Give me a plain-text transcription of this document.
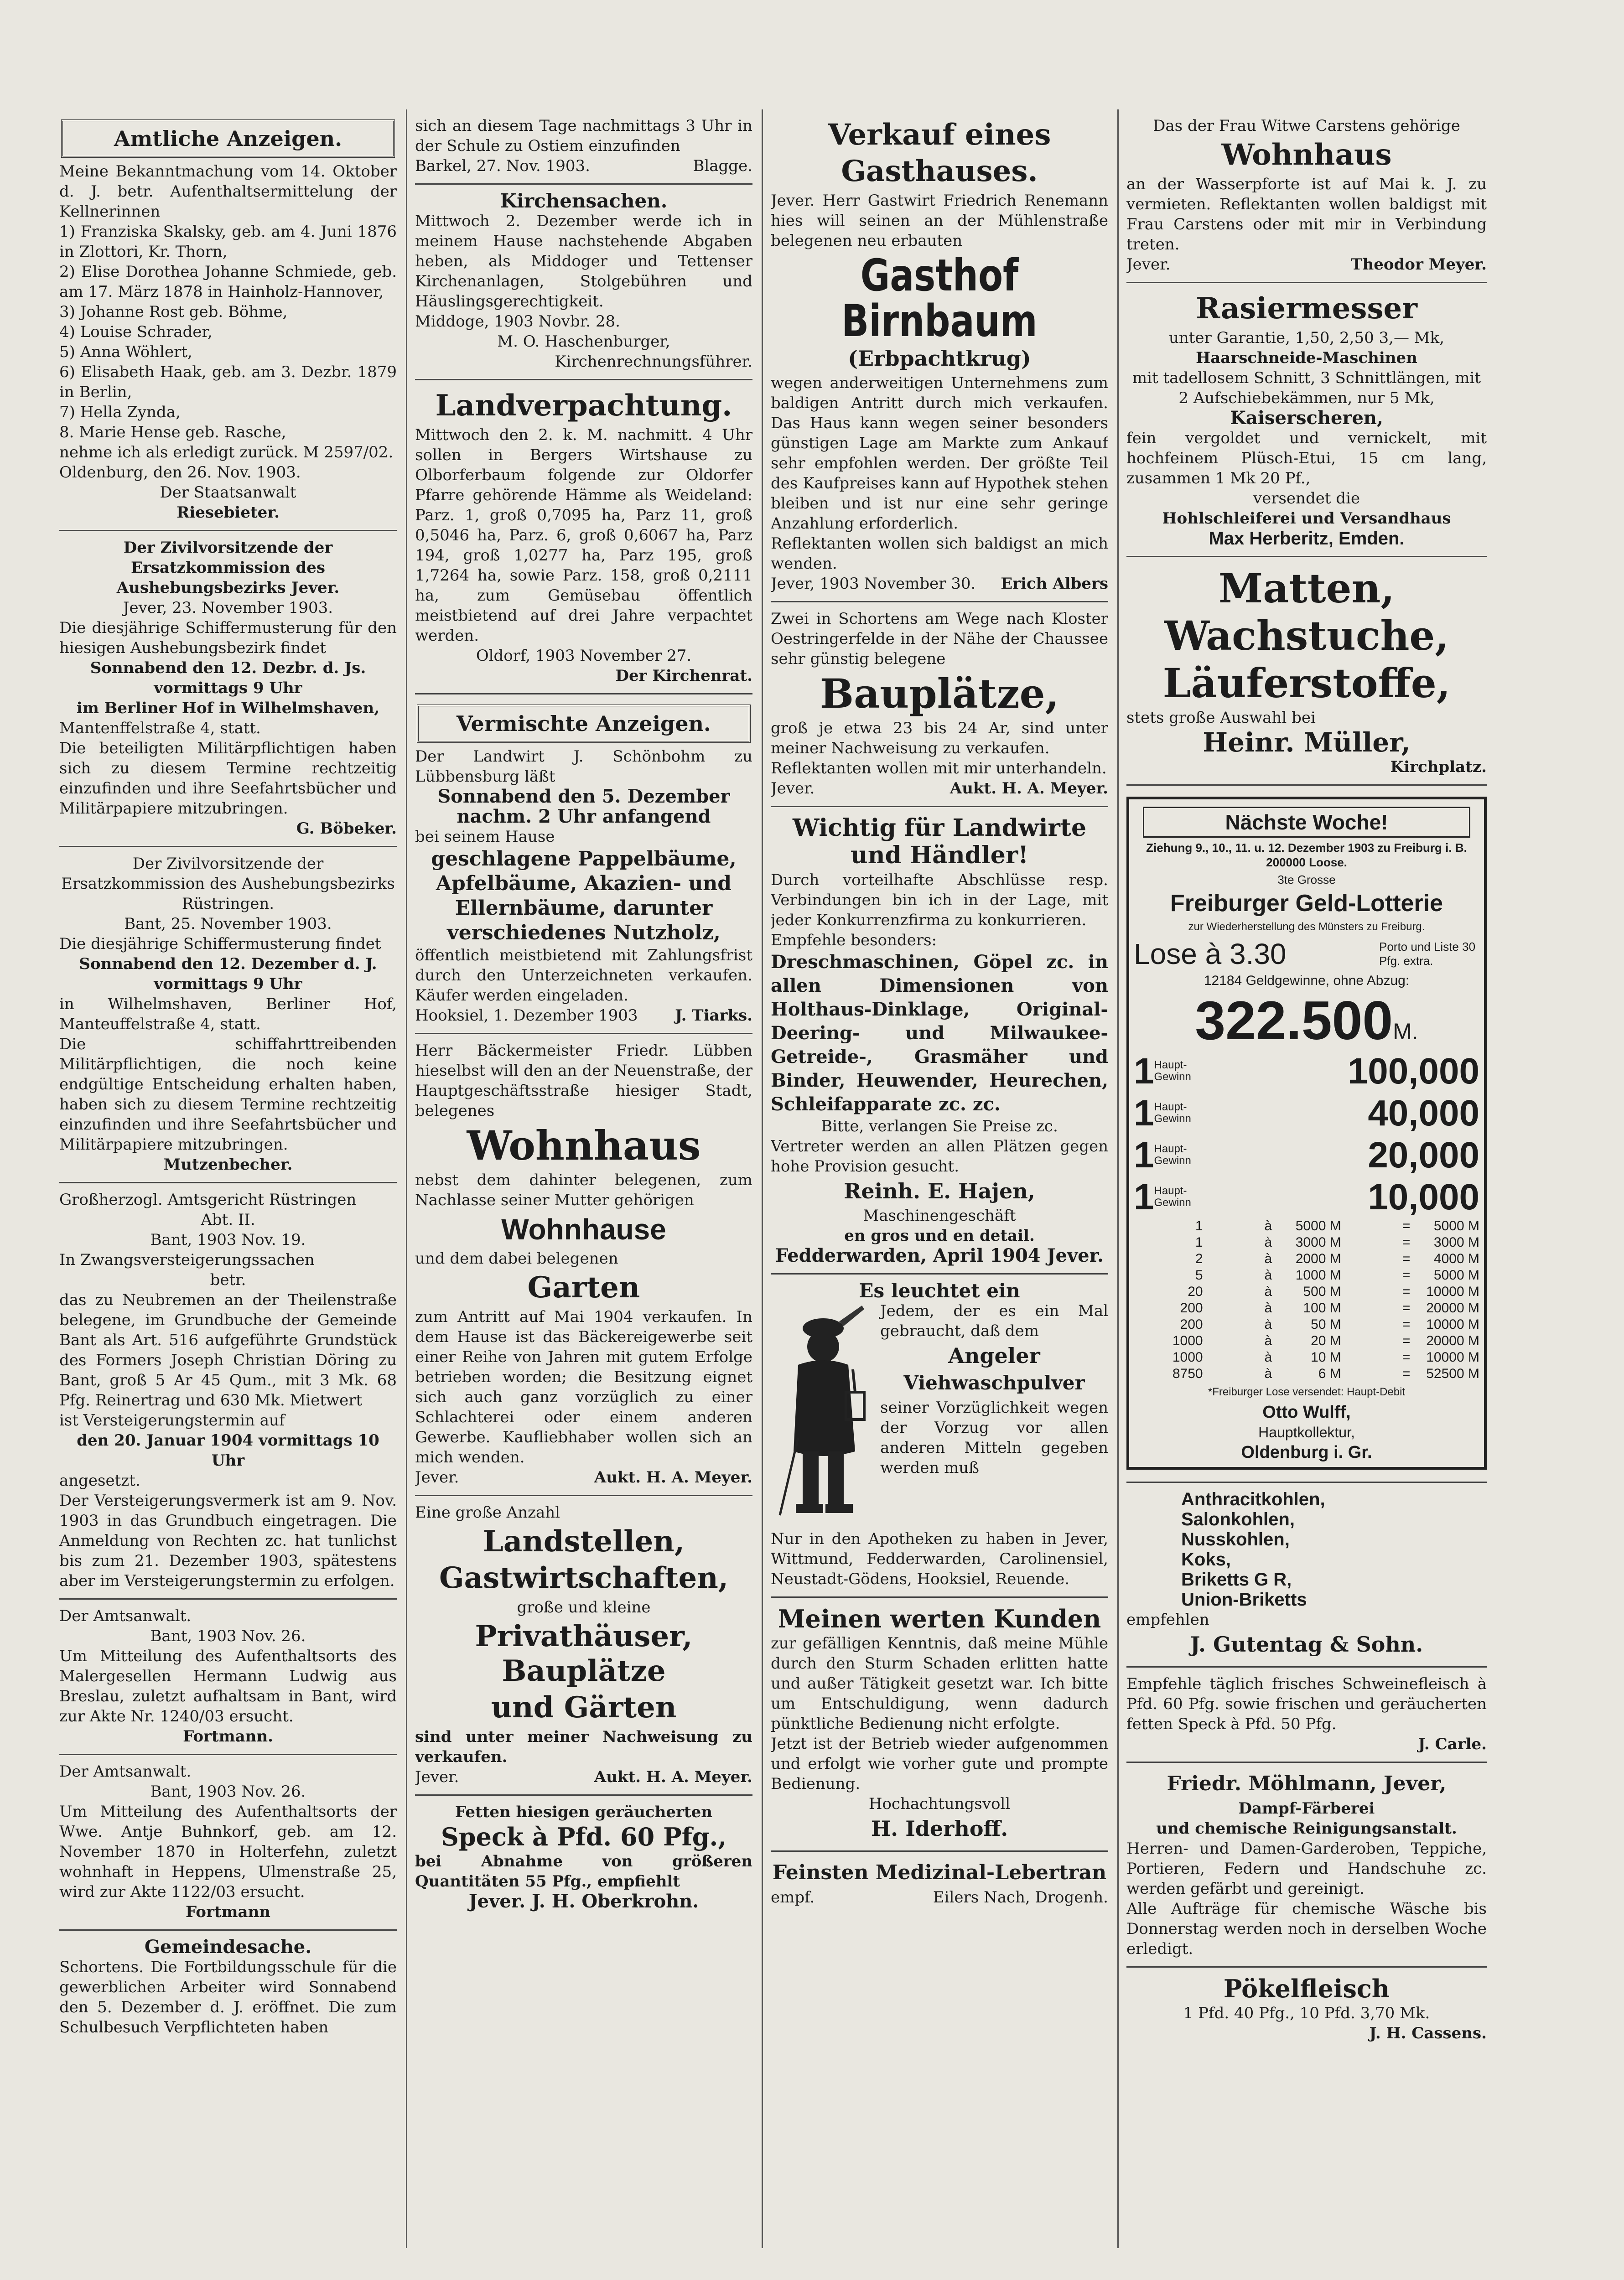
Amtliche Anzeigen.

Meine Bekanntmachung vom 14. Oktober d. J. betr. Aufenthaltsermittelung der Kellnerinnen

1) Franziska Skalsky, geb. am 4. Juni 1876 in Zlottori, Kr. Thorn,

2) Elise Dorothea Johanne Schmiede, geb. am 17. März 1878 in Hainholz-Hannover,

3) Johanne Rost geb. Böhme,

4) Louise Schrader,

5) Anna Wöhlert,

6) Elisabeth Haak, geb. am 3. Dezbr. 1879 in Berlin,

7) Hella Zynda,

8. Marie Hense geb. Rasche,

nehme ich als erledigt zurück. M 2597/02.

Oldenburg, den 26. Nov. 1903.

Der Staatsanwalt

Riesebieter.

Der Zivilvorsitzende der Ersatzkommission des Aushebungsbezirks Jever.

Jever, 23. November 1903.

Die diesjährige Schiffermusterung für den hiesigen Aushebungsbezirk findet

Sonnabend den 12. Dezbr. d. Js. vormittags 9 Uhr

im Berliner Hof in Wilhelmshaven,

Mantenffelstraße 4, statt.

Die beteiligten Militärpflichtigen haben sich zu diesem Termine rechtzeitig einzufinden und ihre Seefahrtsbücher und Militärpapiere mitzubringen.

G. Böbeker.

Der Zivilvorsitzende der Ersatzkommission des Aushebungsbezirks Rüstringen.

Bant, 25. November 1903.

Die diesjährige Schiffermusterung findet

Sonnabend den 12. Dezember d. J. vormittags 9 Uhr

in Wilhelmshaven, Berliner Hof, Manteuffelstraße 4, statt.

Die schiffahrttreibenden Militärpflichtigen, die noch keine endgültige Entscheidung erhalten haben, haben sich zu diesem Termine rechtzeitig einzufinden und ihre Seefahrtsbücher und Militärpapiere mitzubringen.

Mutzenbecher.

Großherzogl. Amtsgericht Rüstringen

Abt. II.

Bant, 1903 Nov. 19.

In Zwangsversteigerungssachen

betr.

das zu Neubremen an der Theilenstraße belegene, im Grundbuche der Gemeinde Bant als Art. 516 aufgeführte Grundstück des Formers Joseph Christian Döring zu Bant, groß 5 Ar 45 Qum., mit 3 Mk. 68 Pfg. Reinertrag und 630 Mk. Mietwert

ist Versteigerungstermin auf

den 20. Januar 1904 vormittags 10 Uhr

angesetzt.

Der Versteigerungsvermerk ist am 9. Nov. 1903 in das Grundbuch eingetragen. Die Anmeldung von Rechten zc. hat tunlichst bis zum 21. Dezember 1903, spätestens aber im Versteigerungstermin zu erfolgen.

Der Amtsanwalt.

Bant, 1903 Nov. 26.

Um Mitteilung des Aufenthaltsorts des Malergesellen Hermann Ludwig aus Breslau, zuletzt aufhaltsam in Bant, wird zur Akte Nr. 1240/03 ersucht.

Fortmann.

Der Amtsanwalt.

Bant, 1903 Nov. 26.

Um Mitteilung des Aufenthaltsorts der Wwe. Antje Buhnkorf, geb. am 12. November 1870 in Holterfehn, zuletzt wohnhaft in Heppens, Ulmenstraße 25, wird zur Akte 1122/03 ersucht.

Fortmann

Gemeindesache.

Schortens. Die Fortbildungsschule für die gewerblichen Arbeiter wird Sonnabend den 5. Dezember d. J. eröffnet. Die zum Schulbesuch Verpflichteten haben

sich an diesem Tage nachmittags 3 Uhr in der Schule zu Ostiem einzufinden

Barkel, 27. Nov. 1903.	Blagge.

Kirchensachen.

Mittwoch 2. Dezember werde ich in meinem Hause nachstehende Abgaben heben, als Middoger und Tettenser Kirchenanlagen, Stolgebühren und Häuslingsgerechtigkeit.

Middoge, 1903 Novbr. 28.

M. O. Haschenburger,

Kirchenrechnungsführer.

Landverpachtung.

Mittwoch den 2. k. M. nachmitt. 4 Uhr sollen in Bergers Wirtshause zu Olborferbaum folgende zur Oldorfer Pfarre gehörende Hämme als Weideland: Parz. 1, groß 0,7095 ha, Parz 11, groß 0,5046 ha, Parz. 6, groß 0,6067 ha, Parz 194, groß 1,0277 ha, Parz 195, groß 1,7264 ha, sowie Parz. 158, groß 0,2111 ha, zum Gemüsebau öffentlich meistbietend auf drei Jahre verpachtet werden.

Oldorf, 1903 November 27.

Der Kirchenrat.

Vermischte Anzeigen.

Der Landwirt J. Schönbohm zu Lübbensburg läßt

Sonnabend den 5. Dezember

nachm. 2 Uhr anfangend

bei seinem Hause

geschlagene Pappelbäume, Apfelbäume, Akazien- und Ellernbäume, darunter verschiedenes Nutzholz,

öffentlich meistbietend mit Zahlungsfrist durch den Unterzeichneten verkaufen. Käufer werden eingeladen.

Hooksiel, 1. Dezember 1903 J. Tiarks.

Herr Bäckermeister Friedr. Lübben hieselbst will den an der Neuenstraße, der Hauptgeschäftsstraße hiesiger Stadt, belegenes

Wohnhaus

nebst dem dahinter belegenen, zum Nachlasse seiner Mutter gehörigen

Wohnhause

und dem dabei belegenen

Garten

zum Antritt auf Mai 1904 verkaufen. In dem Hause ist das Bäckereigewerbe seit einer Reihe von Jahren mit gutem Erfolge betrieben worden; die Besitzung eignet sich auch ganz vorzüglich zu einer Schlachterei oder einem anderen Gewerbe. Kaufliebhaber wollen sich an mich wenden.

Jever.	Aukt. H. A. Meyer.

Eine große Anzahl

Landstellen,

Gastwirtschaften,

große und kleine

Privathäuser, Bauplätze

und Gärten

sind unter meiner Nachweisung zu verkaufen.

Jever.	Aukt. H. A. Meyer.

Fetten hiesigen geräucherten

Speck à Pfd. 60 Pfg.,

bei Abnahme von größeren Quantitäten 55 Pfg., empfiehlt

Jever. J. H. Oberkrohn.

Verkauf eines

Gasthauses.

Jever. Herr Gastwirt Friedrich Renemann hies will seinen an der Mühlenstraße belegenen neu erbauten

Gasthof Birnbaum

(Erbpachtkrug)

wegen anderweitigen Unternehmens zum baldigen Antritt durch mich verkaufen. Das Haus kann wegen seiner besonders günstigen Lage am Markte zum Ankauf sehr empfohlen werden. Der größte Teil des Kaufpreises kann auf Hypothek stehen bleiben und ist nur eine sehr geringe Anzahlung erforderlich.

Reflektanten wollen sich baldigst an mich wenden.

Jever, 1903 November 30. Erich Albers

Zwei in Schortens am Wege nach Kloster Oestringerfelde in der Nähe der Chaussee sehr günstig belegene

Bauplätze,

groß je etwa 23 bis 24 Ar, sind unter meiner Nachweisung zu verkaufen.

Reflektanten wollen mit mir unterhandeln.

Jever.	Aukt. H. A. Meyer.

Wichtig für Landwirte

und Händler!

Durch vorteilhafte Abschlüsse resp. Verbindungen bin ich in der Lage, mit jeder Konkurrenzfirma zu konkurrieren.

Empfehle besonders:

Dreschmaschinen, Göpel zc. in allen Dimensionen von Holthaus-Dinklage, Original-Deering- und Milwaukee-Getreide-, Grasmäher und Binder, Heuwender, Heurechen, Schleifapparate zc. zc.

Bitte, verlangen Sie Preise zc.

Vertreter werden an allen Plätzen gegen hohe Provision gesucht.

Reinh. E. Hajen,

Maschinengeschäft

en gros und en detail.

Fedderwarden, April 1904 Jever.

Es leuchtet ein

Jedem, der es ein Mal gebraucht, daß dem

Angeler

Viehwaschpulver

seiner Vorzüglichkeit wegen der Vorzug vor allen anderen Mitteln gegeben werden muß

Nur in den Apotheken zu haben in Jever, Wittmund, Fedderwarden, Carolinensiel, Neustadt-Gödens, Hooksiel, Reuende.

Meinen werten Kunden

zur gefälligen Kenntnis, daß meine Mühle durch den Sturm Schaden erlitten hatte und außer Tätigkeit gesetzt war. Ich bitte um Entschuldigung, wenn dadurch pünktliche Bedienung nicht erfolgte.

Jetzt ist der Betrieb wieder aufgenommen und erfolgt wie vorher gute und prompte Bedienung.

Hochachtungsvoll

H. Iderhoff.

Feinsten Medizinal-Lebertran

empf.	Eilers Nach, Drogenh.

Das der Frau Witwe Carstens gehörige

Wohnhaus

an der Wasserpforte ist auf Mai k. J. zu vermieten. Reflektanten wollen baldigst mit Frau Carstens oder mit mir in Verbindung treten.

Jever.	Theodor Meyer.

Rasiermesser

unter Garantie, 1,50, 2,50 3,— Mk,

Haarschneide-Maschinen

mit tadellosem Schnitt, 3 Schnittlängen, mit 2 Aufschiebekämmen, nur 5 Mk,

Kaiserscheren,

fein vergoldet und vernickelt, mit hochfeinem Plüsch-Etui, 15 cm lang, zusammen 1 Mk 20 Pf.,

versendet die

Hohlschleiferei und Versandhaus

Max Herberitz, Emden.

Matten,

Wachstuche,

Läuferstoffe,

stets große Auswahl bei

Heinr. Müller,

Kirchplatz.

Nächste Woche!

Ziehung 9., 10., 11. u. 12. Dezember 1903 zu Freiburg i. B. 200000 Loose.

3te Grosse

Freiburger Geld-Lotterie

zur Wiederherstellung des Münsters zu Freiburg.

Lose à 3.30	Porto und Liste 30 Pfg. extra.

12184 Geldgewinne, ohne Abzug:

322.500 M.
1 Haupt-Gewinn	100,000
1 Haupt-Gewinn	40,000
1 Haupt-Gewinn	20,000
1 Haupt-Gewinn	10,000
1	à	5000 M	=	5000 M
1	à	3000 M	=	3000 M
2	à	2000 M	=	4000 M
5	à	1000 M	=	5000 M
20	à	500 M	=	10000 M
200	à	100 M	=	20000 M
200	à	50 M	=	10000 M
1000	à	20 M	=	20000 M
1000	à	10 M	=	10000 M
8750	à	6 M	=	52500 M

*Freiburger Lose versendet: Haupt-Debit

Otto Wulff,

Hauptkollektur,

Oldenburg i. Gr.

Anthracitkohlen,

Salonkohlen,

Nusskohlen,

Koks,

Briketts G R,

Union-Briketts

empfehlen

J. Gutentag & Sohn.

Empfehle täglich frisches Schweinefleisch à Pfd. 60 Pfg. sowie frischen und geräucherten fetten Speck à Pfd. 50 Pfg.

J. Carle.

Friedr. Möhlmann, Jever,

Dampf-Färberei

und chemische Reinigungsanstalt.

Herren- und Damen-Garderoben, Teppiche, Portieren, Federn und Handschuhe zc. werden gefärbt und gereinigt.

Alle Aufträge für chemische Wäsche bis Donnerstag werden noch in derselben Woche erledigt.

Pökelfleisch

1 Pfd. 40 Pfg., 10 Pfd. 3,70 Mk.

J. H. Cassens.
